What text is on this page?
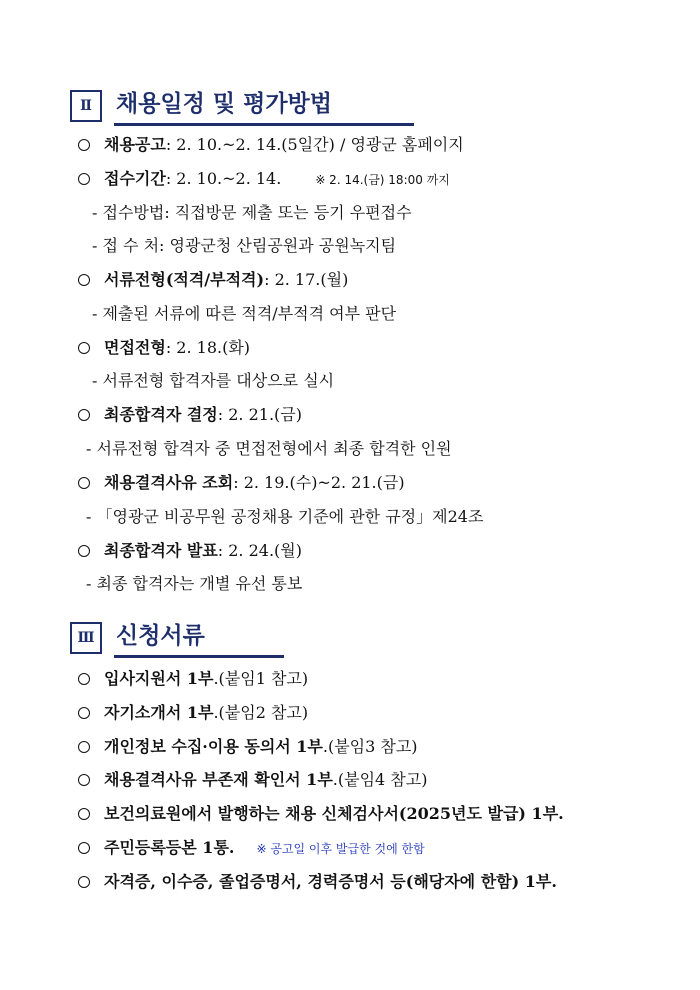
Ⅱ	채용일정 및 평가방법
채용공고: 2. 10.~2. 14.(5일간) / 영광군 홈페이지
접수기간: 2. 10.~2. 14.	※ 2. 14.(금) 18:00 까지
- 접수방법: 직접방문 제출 또는 등기 우편접수
- 접 수 처: 영광군청 산림공원과 공원녹지팀
서류전형(적격/부적격): 2. 17.(월)
- 제출된 서류에 따른 적격/부적격 여부 판단
면접전형: 2. 18.(화)
- 서류전형 합격자를 대상으로 실시
최종합격자 결정: 2. 21.(금)
- 서류전형 합격자 중 면접전형에서 최종 합격한 인원
채용결격사유 조회: 2. 19.(수)~2. 21.(금)
- 「영광군 비공무원 공정채용 기준에 관한 규정」제24조
최종합격자 발표: 2. 24.(월)
- 최종 합격자는 개별 유선 통보
Ⅲ 신청서류
입사지원서 1부.(붙임1 참고)
자기소개서 1부.(붙임2 참고)
개인정보 수집·이용 동의서 1부.(붙임3 참고)
채용결격사유 부존재 확인서 1부.(붙임4 참고)
보건의료원에서 발행하는 채용 신체검사서(2025년도 발급) 1부.
주민등록등본 1통. ※ 공고일 이후 발급한 것에 한함
자격증, 이수증, 졸업증명서, 경력증명서 등(해당자에 한함) 1부.
